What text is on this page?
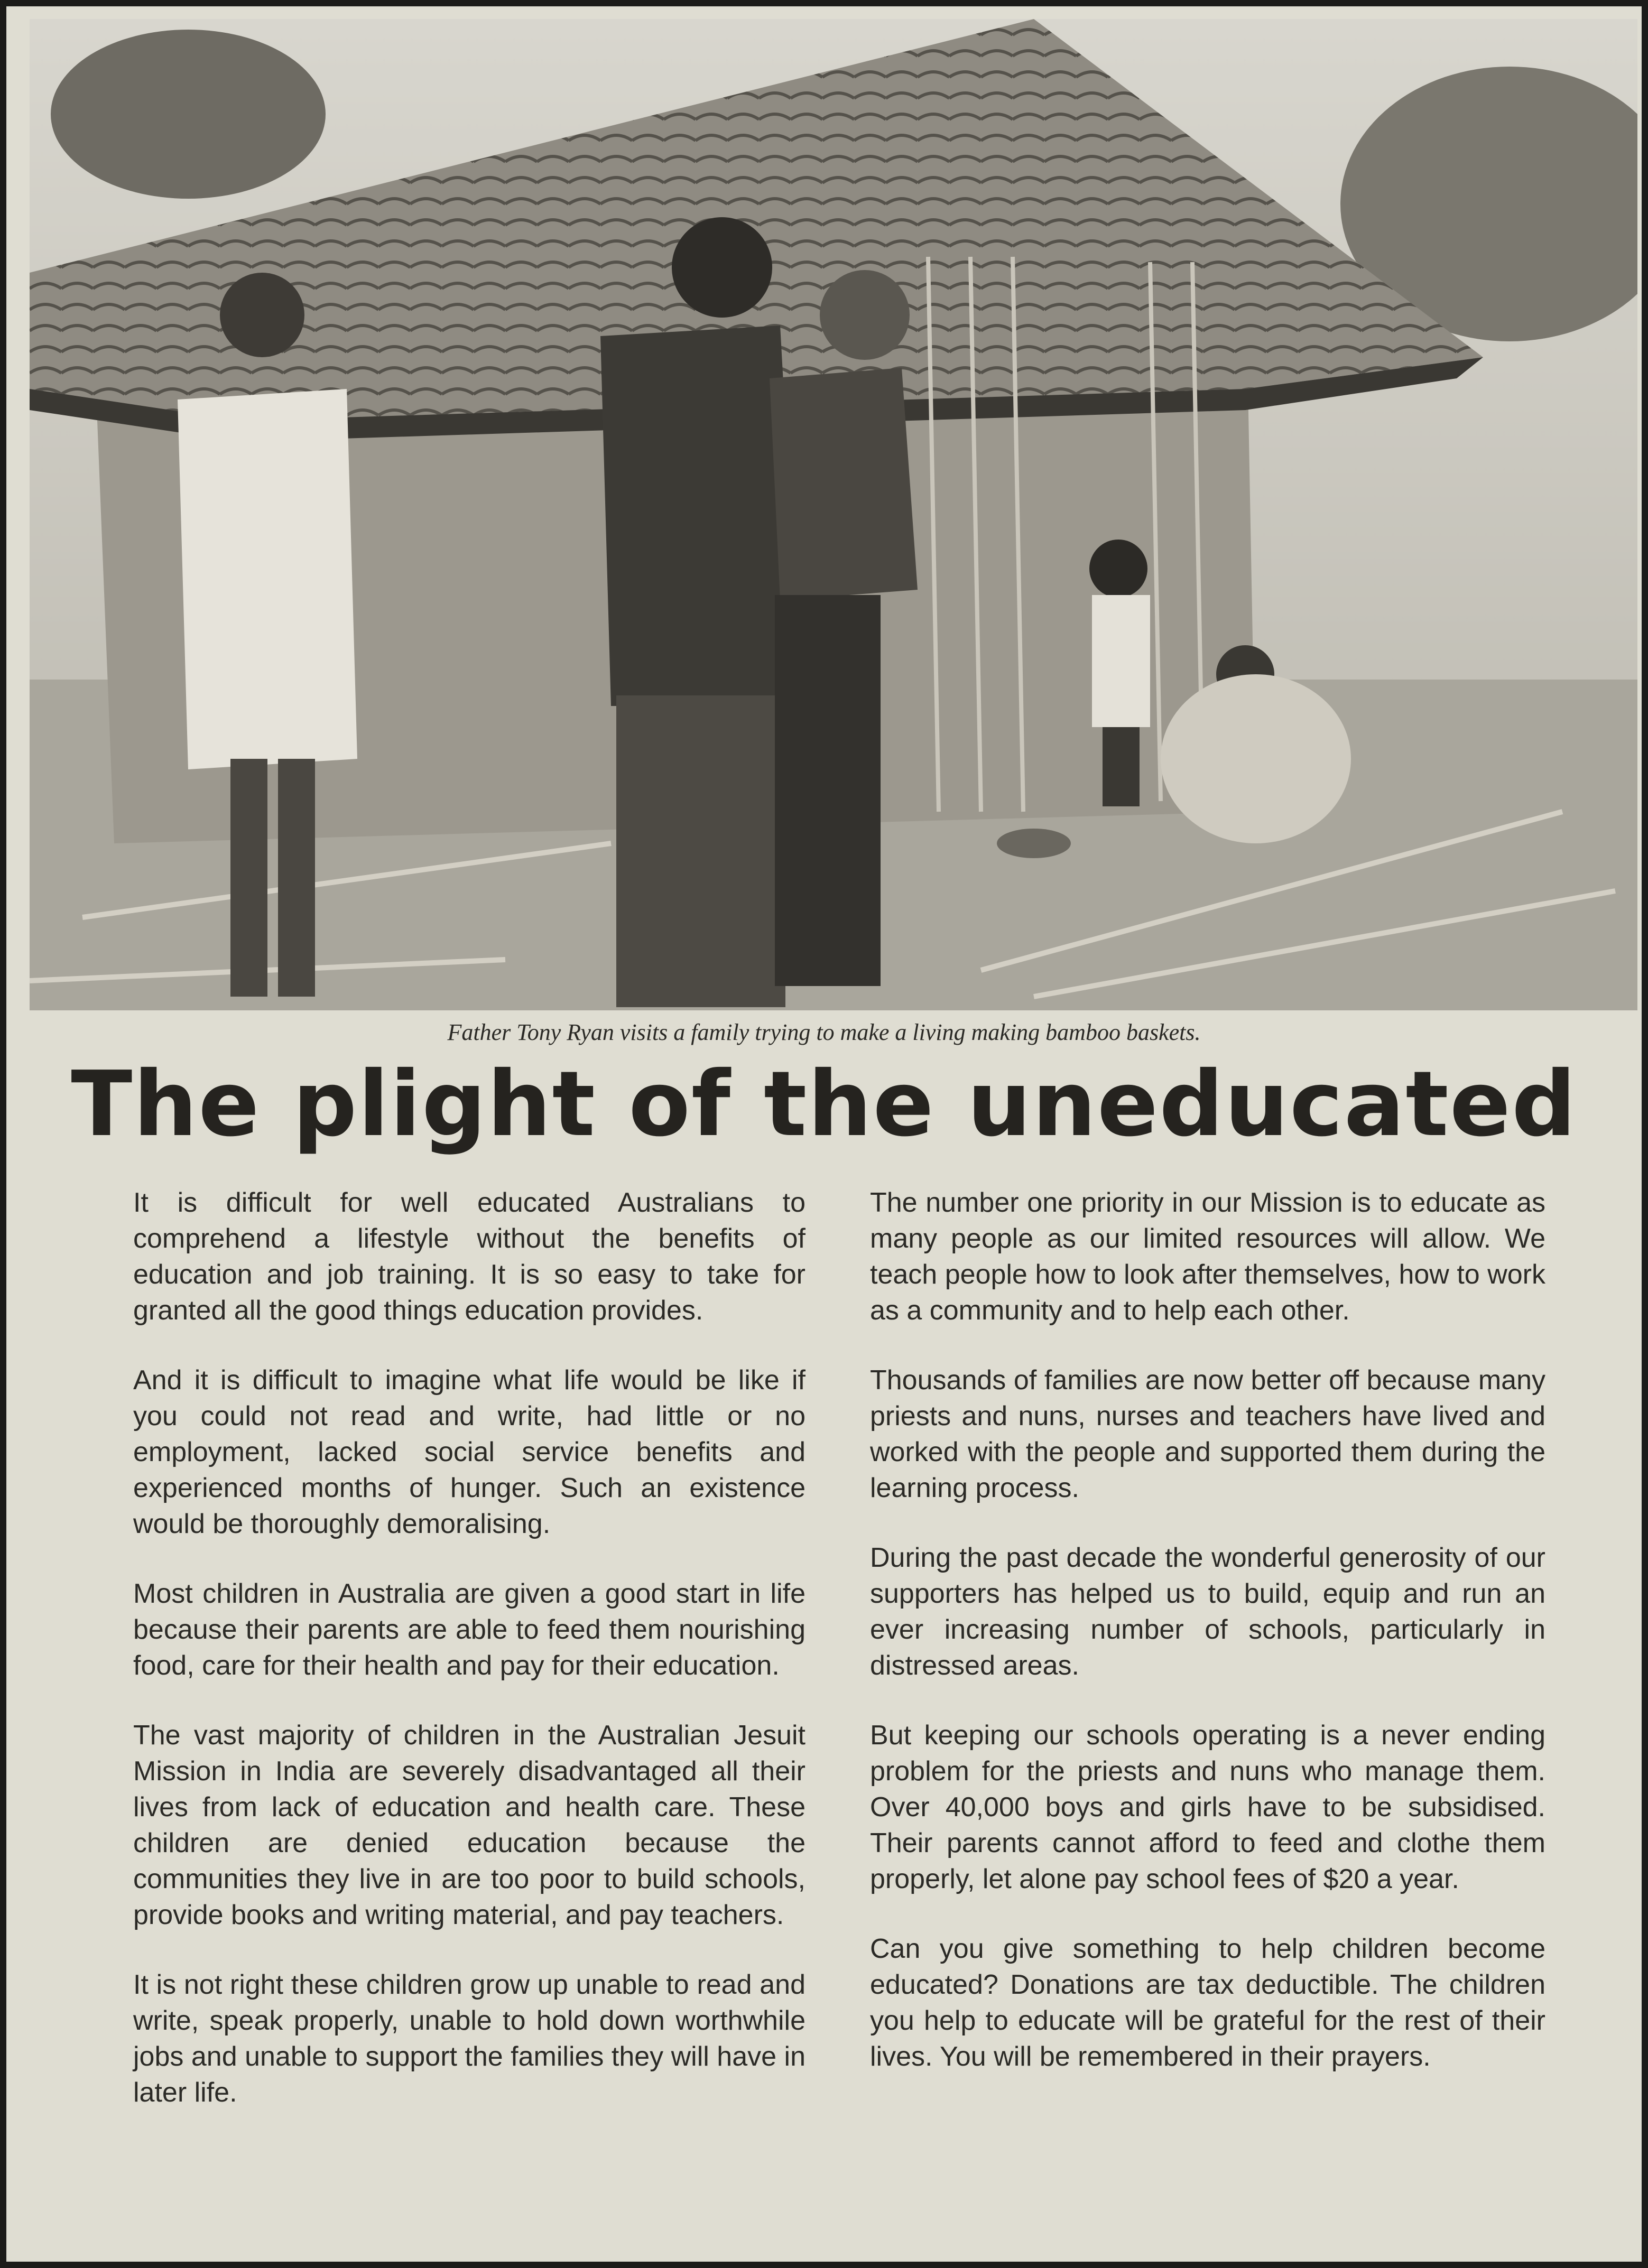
Father Tony Ryan visits a family trying to make a living making bamboo baskets.
The plight of the uneducated

It is difficult for well educated Australians to comprehend a lifestyle without the benefits of education and job training. It is so easy to take for granted all the good things education provides.

And it is difficult to imagine what life would be like if you could not read and write, had little or no employment, lacked social service benefits and experienced months of hunger. Such an existence would be thoroughly demoralising.

Most children in Australia are given a good start in life because their parents are able to feed them nourishing food, care for their health and pay for their education.

The vast majority of children in the Australian Jesuit Mission in India are severely disadvantaged all their lives from lack of education and health care. These children are denied education because the communities they live in are too poor to build schools, provide books and writing material, and pay teachers.

It is not right these children grow up unable to read and write, speak properly, unable to hold down worthwhile jobs and unable to support the families they will have in later life.

The number one priority in our Mission is to educate as many people as our limited resources will allow. We teach people how to look after themselves, how to work as a community and to help each other.

Thousands of families are now better off because many priests and nuns, nurses and teachers have lived and worked with the people and supported them during the learning process.

During the past decade the wonderful generosity of our supporters has helped us to build, equip and run an ever increasing number of schools, particularly in distressed areas.

But keeping our schools operating is a never ending problem for the priests and nuns who manage them. Over 40,000 boys and girls have to be subsidised. Their parents cannot afford to feed and clothe them properly, let alone pay school fees of $20 a year.

Can you give something to help children become educated? Donations are tax deductible. The children you help to educate will be grateful for the rest of their lives. You will be remembered in their prayers.
